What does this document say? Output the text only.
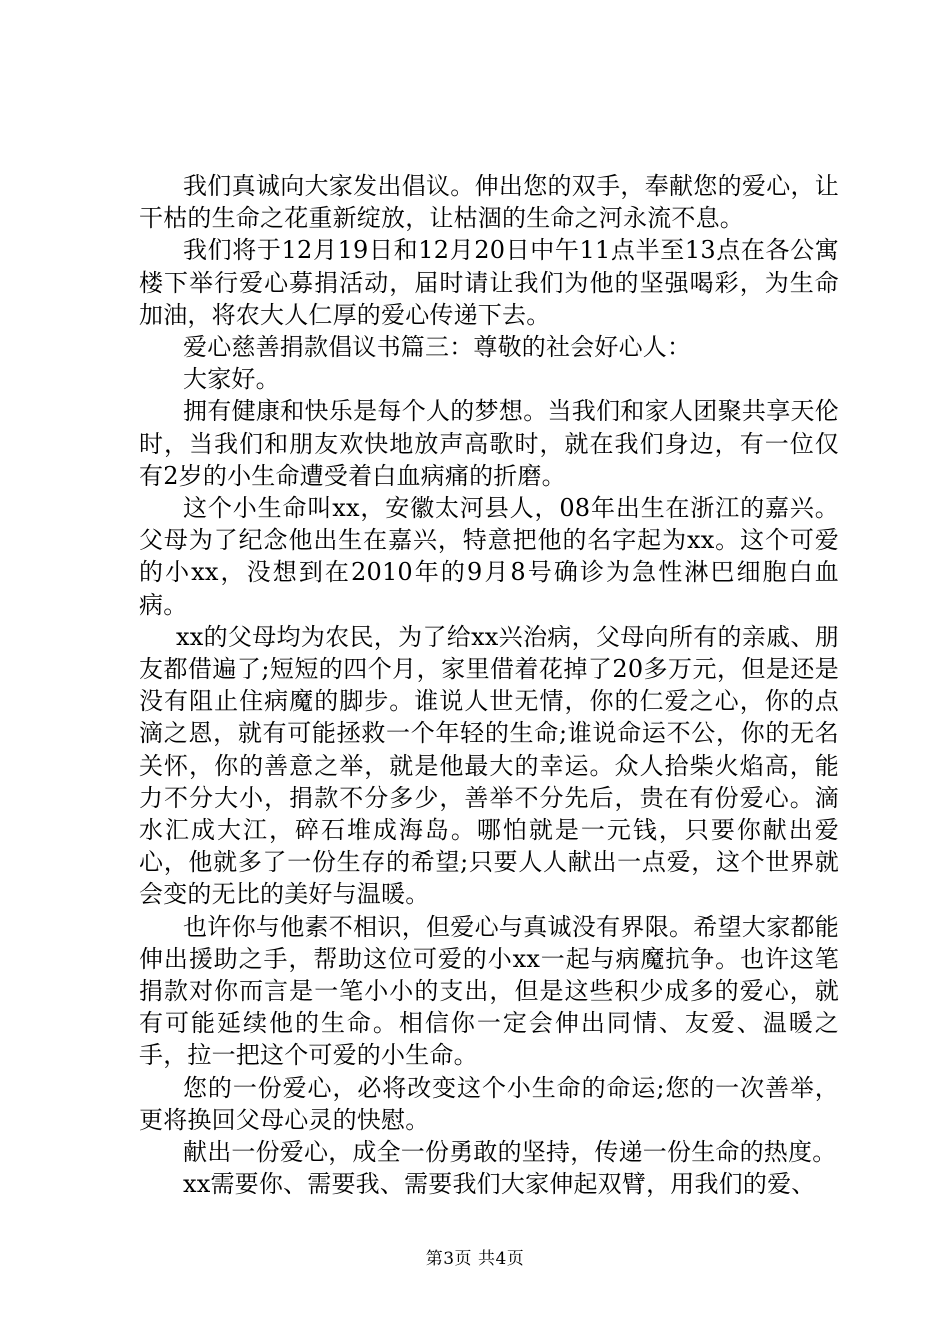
我们真诚向大家发出倡议。伸出您的双手，奉献您的爱心，让干枯的生命之花重新绽放，让枯涸的生命之河永流不息。

我们将于12月19日和12月20日中午11点半至13点在各公寓楼下举行爱心募捐活动，届时请让我们为他的坚强喝彩，为生命加油，将农大人仁厚的爱心传递下去。

爱心慈善捐款倡议书篇三：尊敬的社会好心人：

大家好。

拥有健康和快乐是每个人的梦想。当我们和家人团聚共享天伦时，当我们和朋友欢快地放声高歌时，就在我们身边，有一位仅有2岁的小生命遭受着白血病痛的折磨。

这个小生命叫xx，安徽太河县人，08年出生在浙江的嘉兴。父母为了纪念他出生在嘉兴，特意把他的名字起为xx。这个可爱的小xx，没想到在2010年的9月8号确诊为急性淋巴细胞白血病。

xx的父母均为农民，为了给xx兴治病，父母向所有的亲戚、朋友都借遍了;短短的四个月，家里借着花掉了20多万元，但是还是没有阻止住病魔的脚步。谁说人世无情，你的仁爱之心，你的点滴之恩，就有可能拯救一个年轻的生命;谁说命运不公，你的无名关怀，你的善意之举，就是他最大的幸运。众人拾柴火焰高，能力不分大小，捐款不分多少，善举不分先后，贵在有份爱心。滴水汇成大江，碎石堆成海岛。哪怕就是一元钱，只要你献出爱心，他就多了一份生存的希望;只要人人献出一点爱，这个世界就会变的无比的美好与温暖。

也许你与他素不相识，但爱心与真诚没有界限。希望大家都能伸出援助之手，帮助这位可爱的小xx一起与病魔抗争。也许这笔捐款对你而言是一笔小小的支出，但是这些积少成多的爱心，就有可能延续他的生命。相信你一定会伸出同情、友爱、温暖之手，拉一把这个可爱的小生命。

您的一份爱心，必将改变这个小生命的命运;您的一次善举，更将换回父母心灵的快慰。

献出一份爱心，成全一份勇敢的坚持，传递一份生命的热度。

xx需要你、需要我、需要我们大家伸起双臂，用我们的爱、

第3页 共4页
